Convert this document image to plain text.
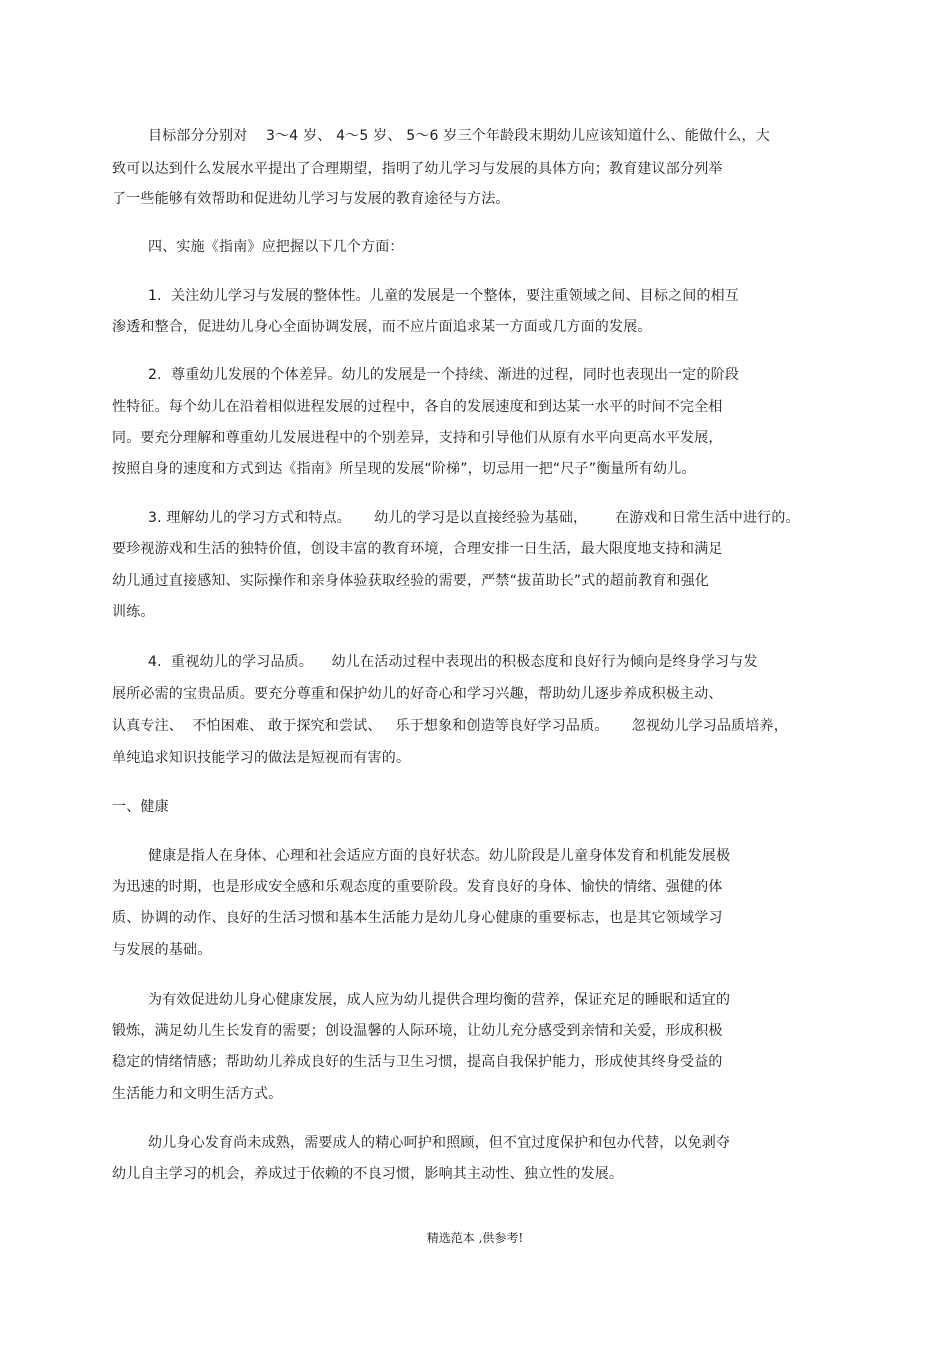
目标部分分别对    3～4 岁、 4～5 岁、 5～6 岁三个年龄段末期幼儿应该知道什么、能做什么，大
致可以达到什么发展水平提出了合理期望，指明了幼儿学习与发展的具体方向；教育建议部分列举
了一些能够有效帮助和促进幼儿学习与发展的教育途径与方法。
四、实施《指南》应把握以下几个方面：
1.  关注幼儿学习与发展的整体性。儿童的发展是一个整体，要注重领域之间、目标之间的相互
渗透和整合，促进幼儿身心全面协调发展，而不应片面追求某一方面或几方面的发展。
2.  尊重幼儿发展的个体差异。幼儿的发展是一个持续、渐进的过程，同时也表现出一定的阶段
性特征。每个幼儿在沿着相似进程发展的过程中，各自的发展速度和到达某一水平的时间不完全相
同。要充分理解和尊重幼儿发展进程中的个别差异，支持和引导他们从原有水平向更高水平发展，
按照自身的速度和方式到达《指南》所呈现的发展“阶梯”，切忌用一把“尺子”衡量所有幼儿。
3. 理解幼儿的学习方式和特点。     幼儿的学习是以直接经验为基础，      在游戏和日常生活中进行的。
要珍视游戏和生活的独特价值，创设丰富的教育环境，合理安排一日生活，最大限度地支持和满足
幼儿通过直接感知、实际操作和亲身体验获取经验的需要，严禁“拔苗助长”式的超前教育和强化
训练。
4.  重视幼儿的学习品质。    幼儿在活动过程中表现出的积极态度和良好行为倾向是终身学习与发
展所必需的宝贵品质。要充分尊重和保护幼儿的好奇心和学习兴趣，帮助幼儿逐步养成积极主动、
认真专注、  不怕困难、 敢于探究和尝试、   乐于想象和创造等良好学习品质。     忽视幼儿学习品质培养，
单纯追求知识技能学习的做法是短视而有害的。
一、健康
健康是指人在身体、心理和社会适应方面的良好状态。幼儿阶段是儿童身体发育和机能发展极
为迅速的时期，也是形成安全感和乐观态度的重要阶段。发育良好的身体、愉快的情绪、强健的体
质、协调的动作、良好的生活习惯和基本生活能力是幼儿身心健康的重要标志，也是其它领域学习
与发展的基础。
为有效促进幼儿身心健康发展，成人应为幼儿提供合理均衡的营养，保证充足的睡眠和适宜的
锻炼，满足幼儿生长发育的需要；创设温馨的人际环境，让幼儿充分感受到亲情和关爱，形成积极
稳定的情绪情感；帮助幼儿养成良好的生活与卫生习惯，提高自我保护能力，形成使其终身受益的
生活能力和文明生活方式。
幼儿身心发育尚未成熟，需要成人的精心呵护和照顾，但不宜过度保护和包办代替，以免剥夺
幼儿自主学习的机会，养成过于依赖的不良习惯，影响其主动性、独立性的发展。
精选范本 ,供参考!
